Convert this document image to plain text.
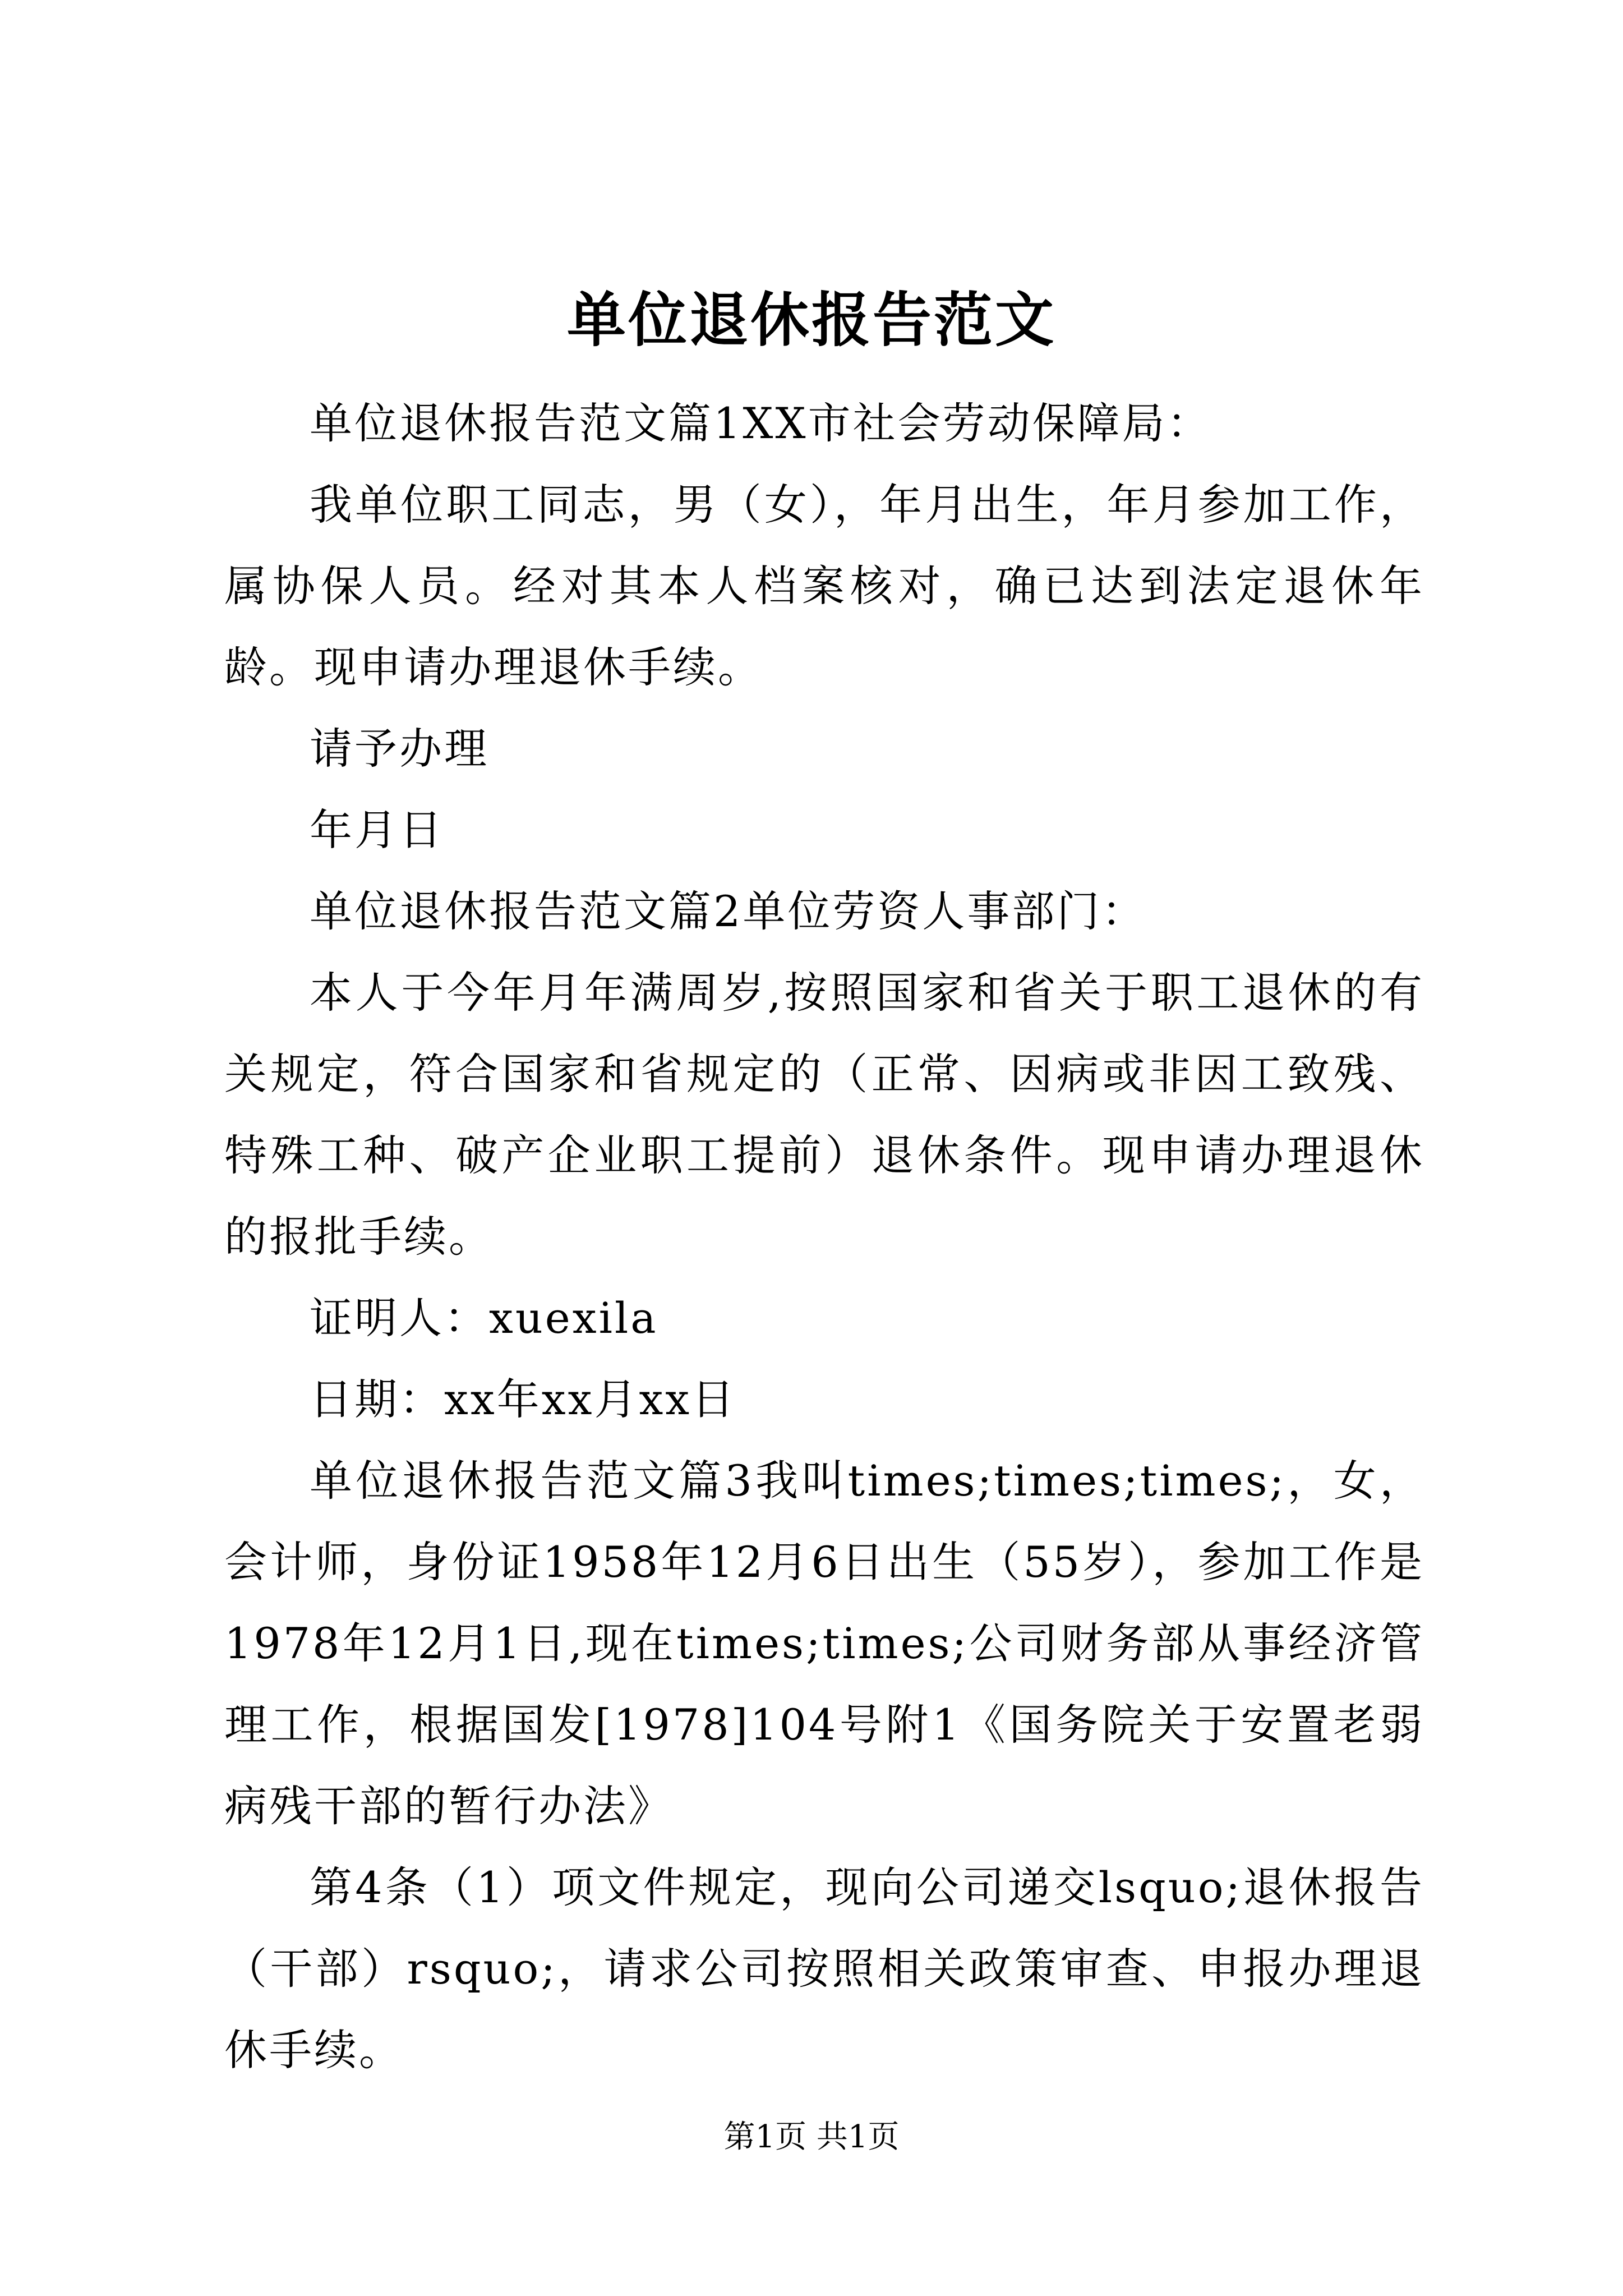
单位退休报告范文

单位退休报告范文篇1XX市社会劳动保障局：

我单位职工同志，男（女），年月出生，年月参加工作，属协保人员。经对其本人档案核对，确已达到法定退休年龄。现申请办理退休手续。

请予办理

年月日

单位退休报告范文篇2单位劳资人事部门：

本人于今年月年满周岁,按照国家和省关于职工退休的有关规定，符合国家和省规定的（正常、因病或非因工致残、特殊工种、破产企业职工提前）退休条件。现申请办理退休的报批手续。

证明人：xuexila

日期：xx年xx月xx日

单位退休报告范文篇3我叫times;times;times;，女，会计师，身份证1958年12月6日出生（55岁），参加工作是1978年12月1日,现在times;times;公司财务部从事经济管理工作，根据国发[1978]104号附1《国务院关于安置老弱病残干部的暂行办法》

第4条（1）项文件规定，现向公司递交lsquo;退休报告（干部）rsquo;，请求公司按照相关政策审查、申报办理退休手续。

第1页 共1页
